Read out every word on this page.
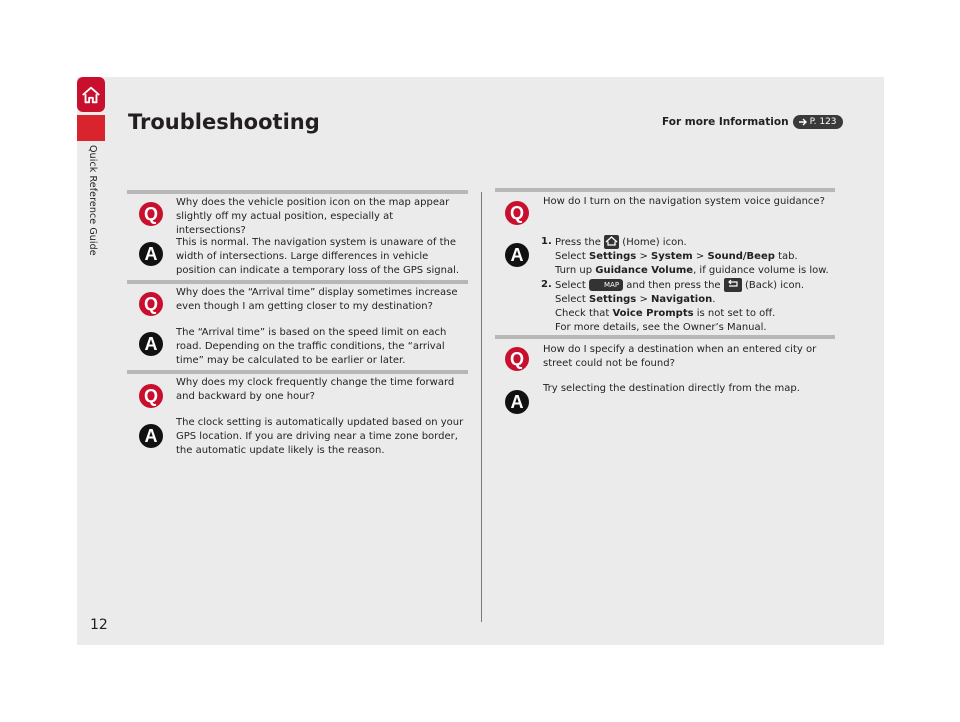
Quick Reference Guide
Troubleshooting	For more Information P. 123
Q
Why does the vehicle position icon on the map appear slightly off my actual position, especially at intersections?
A
This is normal. The navigation system is unaware of the width of intersections. Large differences in vehicle position can indicate a temporary loss of the GPS signal.
Q
Why does the “Arrival time” display sometimes increase even though I am getting closer to my destination?
A
The “Arrival time” is based on the speed limit on each road. Depending on the traffic conditions, the “arrival time” may be calculated to be earlier or later.
Q
Why does my clock frequently change the time forward and backward by one hour?
A
The clock setting is automatically updated based on your GPS location. If you are driving near a time zone border, the automatic update likely is the reason.
Q
How do I turn on the navigation system voice guidance?
A
1. Press the (Home) icon.
Select Settings > System > Sound/Beep tab.
Turn up Guidance Volume, if guidance volume is low.
2. Select	MAP and then press the (Back) icon.
Select Settings > Navigation.
Check that Voice Prompts is not set to off.
For more details, see the Owner’s Manual.
Q	How do I specify a destination when an entered city or street could not be found?
A
Try selecting the destination directly from the map.
12
